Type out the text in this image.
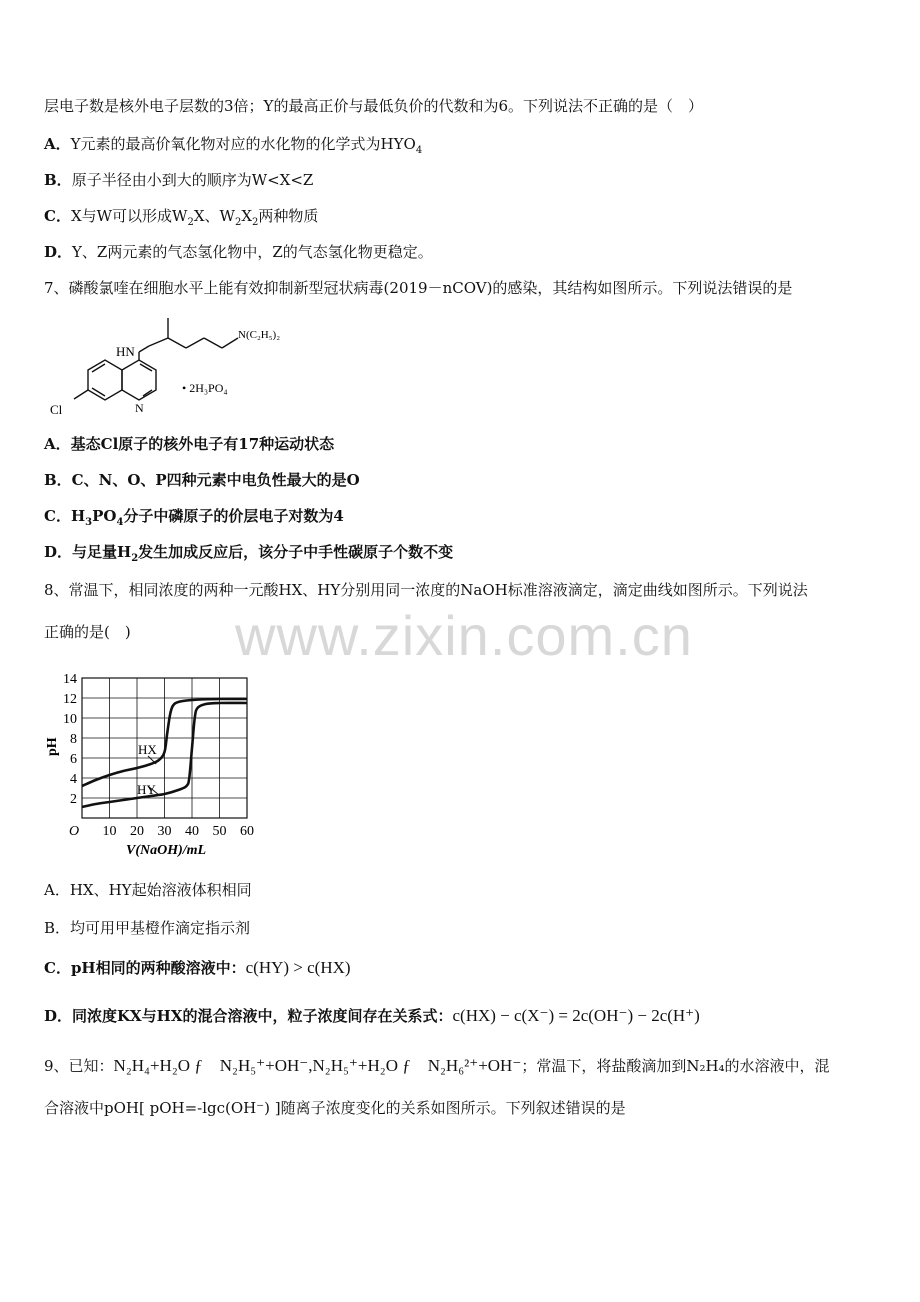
层电子数是核外电子层数的3倍；Y的最高正价与最低负价的代数和为6。下列说法不正确的是（　）
A．Y元素的最高价氧化物对应的水化物的化学式为$HYO_4$
B．原子半径由小到大的顺序为W<X<Z
C．X与W可以形成$W_2X$、$W_2X_2$两种物质
D．Y、Z两元素的气态氢化物中，Z的气态氢化物更稳定。
7、磷酸氯喹在细胞水平上能有效抑制新型冠状病毒(2019－nCOV)的感染，其结构如图所示。下列说法错误的是
HN
N(C₂H₅)₂
N
Cl
• 2H₃PO₄
A．基态Cl原子的核外电子有17种运动状态
B．C、N、O、P四种元素中电负性最大的是O
C．$H_3PO_4$分子中磷原子的价层电子对数为4
D．与足量$H_2$发生加成反应后，该分子中手性碳原子个数不变
8、常温下，相同浓度的两种一元酸HX、HY分别用同一浓度的NaOH标准溶液滴定，滴定曲线如图所示。下列说法
正确的是(　) www.zixin.com.cn
O 10 20 30 40 50 60
2
4
6
8
10
12
14
pH
V(NaOH)/mL
HX
HY
A．HX、HY起始溶液体积相同
B．均可用甲基橙作滴定指示剂
C．pH相同的两种酸溶液中：c(HY) > c(HX)
D．同浓度KX与HX的混合溶液中，粒子浓度间存在关系式：c(HX) − c(X⁻) = 2c(OH⁻) − 2c(H⁺)
9、已知：N₂H₄+H₂O ƒ　N₂H₅⁺+OH⁻,N₂H₅⁺+H₂O ƒ　N₂H₆²⁺+OH⁻；常温下，将盐酸滴加到N₂H₄的水溶液中，混
合溶液中pOH[ pOH=-lgc(OH⁻) ]随离子浓度变化的关系如图所示。下列叙述错误的是
